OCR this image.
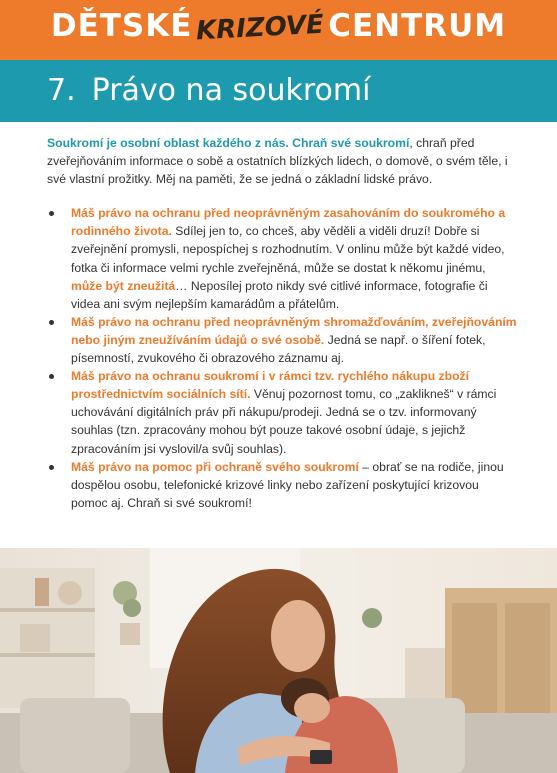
DĚTSKÉ KRIZOVÉ CENTRUM
7. Právo na soukromí

Soukromí je osobní oblast každého z nás. Chraň své soukromí, chraň před zveřejňováním informace o sobě a ostatních blízkých lidech, o domově, o svém těle, i své vlastní prožitky. Měj na paměti, že se jedná o základní lidské právo.

Máš právo na ochranu před neoprávněným zasahováním do soukromého a rodinného života. Sdílej jen to, co chceš, aby věděli a viděli druzí! Dobře si zveřejnění promysli, nepospíchej s rozhodnutím. V onlinu může být každé video, fotka či informace velmi rychle zveřejněná, může se dostat k někomu jinému, může být zneužitá… Neposílej proto nikdy své citlivé informace, fotografie či videa ani svým nejlepším kamarádům a přátelům.
Máš právo na ochranu před neoprávněným shromažďováním, zveřejňováním nebo jiným zneužíváním údajů o své osobě. Jedná se např. o šíření fotek, písemností, zvukového či obrazového záznamu aj.
Máš právo na ochranu soukromí i v rámci tzv. rychlého nákupu zboží prostřednictvím sociálních sítí. Věnuj pozornost tomu, co „zaklikneš“ v rámci uchovávání digitálních práv při nákupu/prodeji. Jedná se o tzv. informovaný souhlas (tzn. zpracovány mohou být pouze takové osobní údaje, s jejichž zpracováním jsi vyslovil/a svůj souhlas).
Máš právo na pomoc při ochraně svého soukromí – obrať se na rodiče, jinou dospělou osobu, telefonické krizové linky nebo zařízení poskytující krizovou pomoc aj. Chraň si své soukromí!
